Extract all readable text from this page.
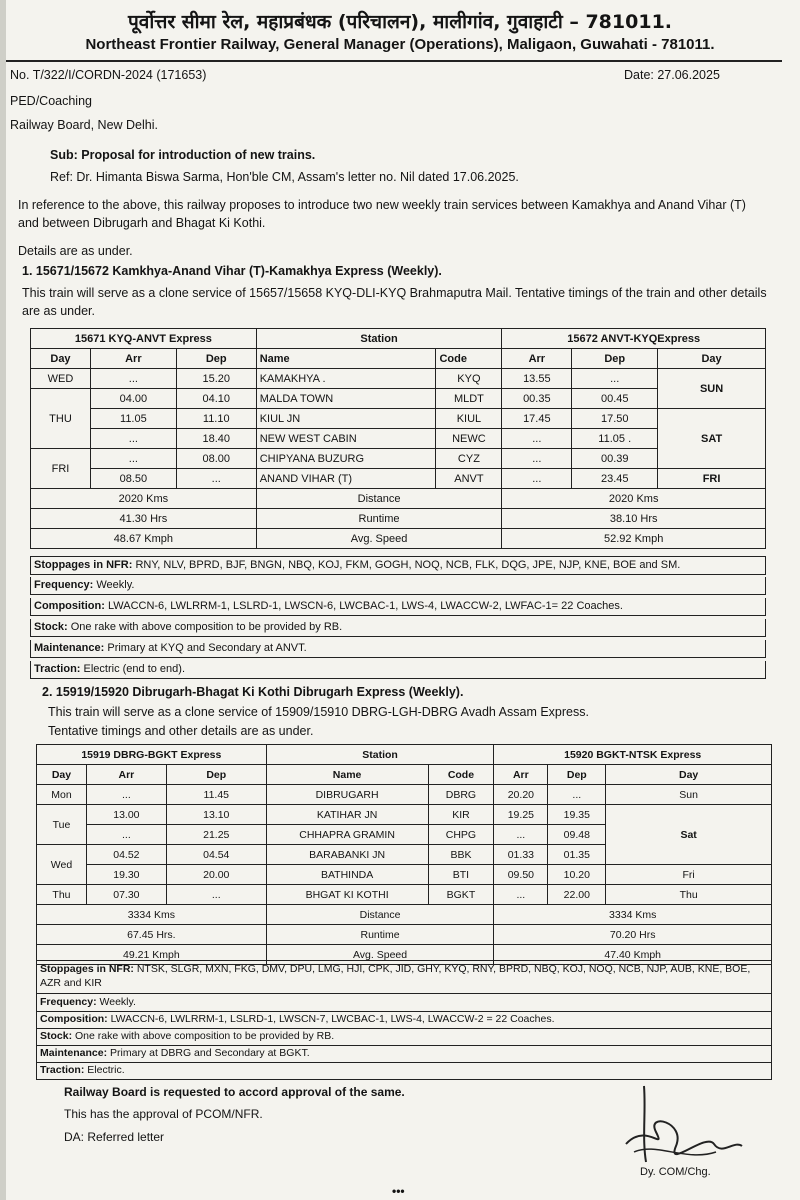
पूर्वोत्तर सीमा रेल, महाप्रबंधक (परिचालन), मालीगांव, गुवाहाटी – 781011.
Northeast Frontier Railway, General Manager (Operations), Maligaon, Guwahati - 781011.
No. T/322/I/CORDN-2024 (171653)	Date: 27.06.2025
PED/Coaching
Railway Board, New Delhi.
Sub: Proposal for introduction of new trains.
Ref: Dr. Himanta Biswa Sarma, Hon'ble CM, Assam's letter no. Nil dated 17.06.2025.
In reference to the above, this railway proposes to introduce two new weekly train services between Kamakhya and Anand Vihar (T) and between Dibrugarh and Bhagat Ki Kothi.
Details are as under.
1. 15671/15672 Kamkhya-Anand Vihar (T)-Kamakhya Express (Weekly).
This train will serve as a clone service of 15657/15658 KYQ-DLI-KYQ Brahmaputra Mail. Tentative timings of the train and other details are as under.
15671 KYQ-ANVT Express			Station		15672 ANVT-KYQExpress		
Day	Arr	Dep	Name	Code	Arr	Dep	Day
WED	...	15.20	KAMAKHYA .	KYQ	13.55	...	SUN
THU	04.00	04.10	MALDA TOWN	MLDT	00.35	00.45	
	11.05	11.10	KIUL JN	KIUL	17.45	17.50	SAT
	...	18.40	NEW WEST CABIN	NEWC	...	11.05 .	
FRI	...	08.00	CHIPYANA BUZURG	CYZ	...	00.39	
	08.50	...	ANAND VIHAR (T)	ANVT	...	23.45	FRI
2020 Kms			Distance		2020 Kms		
41.30 Hrs			Runtime		38.10 Hrs		
48.67 Kmph			Avg. Speed		52.92 Kmph		
Stoppages in NFR: RNY, NLV, BPRD, BJF, BNGN, NBQ, KOJ, FKM, GOGH, NOQ, NCB, FLK, DQG, JPE, NJP, KNE, BOE and SM.
Frequency: Weekly.
Composition: LWACCN-6, LWLRRM-1, LSLRD-1, LWSCN-6, LWCBAC-1, LWS-4, LWACCW-2, LWFAC-1= 22 Coaches.
Stock: One rake with above composition to be provided by RB.
Maintenance: Primary at KYQ and Secondary at ANVT.
Traction: Electric (end to end).
2. 15919/15920 Dibrugarh-Bhagat Ki Kothi Dibrugarh Express (Weekly).
This train will serve as a clone service of 15909/15910 DBRG-LGH-DBRG Avadh Assam Express.
Tentative timings and other details are as under.
15919 DBRG-BGKT Express			Station		15920 BGKT-NTSK Express		
Day	Arr	Dep	Name	Code	Arr	Dep	Day
Mon	...	11.45	DIBRUGARH	DBRG	20.20	...	Sun
Tue	13.00	13.10	KATIHAR JN	KIR	19.25	19.35	Sat
	...	21.25	CHHAPRA GRAMIN	CHPG	...	09.48	
Wed	04.52	04.54	BARABANKI JN	BBK	01.33	01.35	
	19.30	20.00	BATHINDA	BTI	09.50	10.20	Fri
Thu	07.30	...	BHGAT KI KOTHI	BGKT	...	22.00	Thu
3334 Kms			Distance		3334 Kms		
67.45 Hrs.			Runtime		70.20 Hrs		
49.21 Kmph			Avg. Speed		47.40 Kmph		
Stoppages in NFR: NTSK, SLGR, MXN, FKG, DMV, DPU, LMG, HJI, CPK, JID, GHY, KYQ, RNY, BPRD, NBQ, KOJ, NOQ, NCB, NJP, AUB, KNE, BOE, AZR and KIR
Frequency: Weekly.
Composition: LWACCN-6, LWLRRM-1, LSLRD-1, LWSCN-7, LWCBAC-1, LWS-4, LWACCW-2 = 22 Coaches.
Stock: One rake with above composition to be provided by RB.
Maintenance: Primary at DBRG and Secondary at BGKT.
Traction: Electric.
Railway Board is requested to accord approval of the same.
This has the approval of PCOM/NFR.
DA: Referred letter
Dy. COM/Chg.
•••
